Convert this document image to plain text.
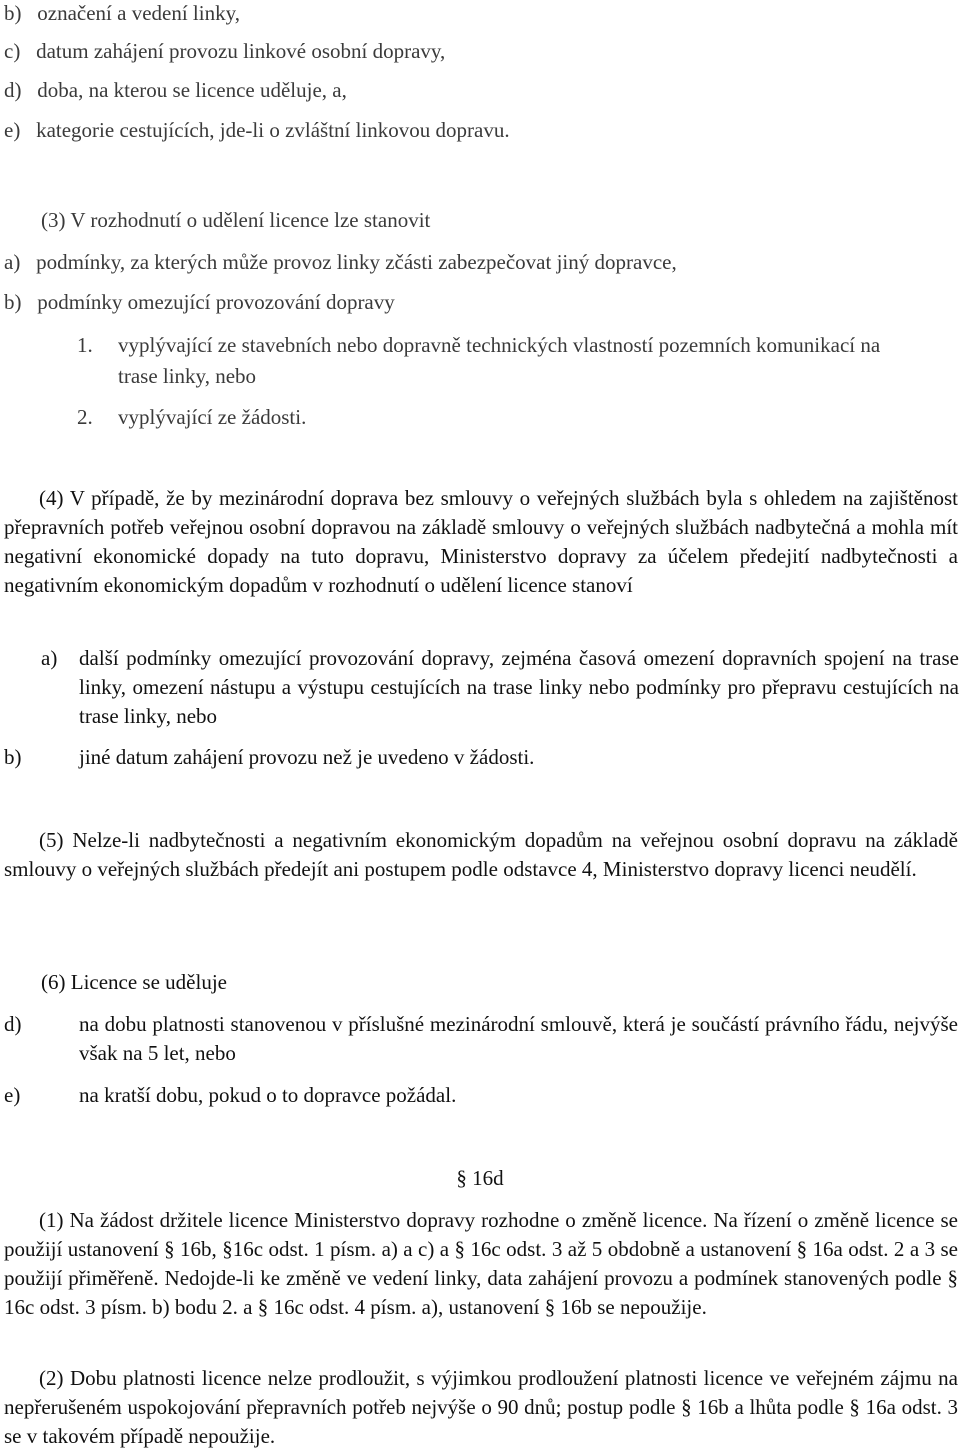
b) označení a vedení linky,

c) datum zahájení provozu linkové osobní dopravy,

d) doba, na kterou se licence uděluje, a,

e) kategorie cestujících, jde-li o zvláštní linkovou dopravu.

(3) V rozhodnutí o udělení licence lze stanovit

a) podmínky, za kterých může provoz linky zčásti zabezpečovat jiný dopravce,

b) podmínky omezující provozování dopravy

1. vyplývající ze stavebních nebo dopravně technických vlastností pozemních komunikací na trase linky, nebo
2. vyplývající ze žádosti.

(4) V případě, že by mezinárodní doprava bez smlouvy o veřejných službách byla s ohledem na zajištěnost přepravních potřeb veřejnou osobní dopravou na základě smlouvy o veřejných službách nadbytečná a mohla mít negativní ekonomické dopady na tuto dopravu, Ministerstvo dopravy za účelem předejití nadbytečnosti a negativním ekonomickým dopadům v rozhodnutí o udělení licence stanoví

a) další podmínky omezující provozování dopravy, zejména časová omezení dopravních spojení na trase linky, omezení nástupu a výstupu cestujících na trase linky nebo podmínky pro přepravu cestujících na trase linky, nebo
b)	jiné datum zahájení provozu než je uvedeno v žádosti.

(5) Nelze-li nadbytečnosti a negativním ekonomickým dopadům na veřejnou osobní dopravu na základě smlouvy o veřejných službách předejít ani postupem podle odstavce 4, Ministerstvo dopravy licenci neudělí.

(6) Licence se uděluje

d)	na dobu platnosti stanovenou v příslušné mezinárodní smlouvě, která je součástí právního řádu, nejvýše však na 5 let, nebo
e)	na kratší dobu, pokud o to dopravce požádal.

§ 16d

(1) Na žádost držitele licence Ministerstvo dopravy rozhodne o změně licence. Na řízení o změně licence se použijí ustanovení § 16b, §16c odst. 1 písm. a) a c) a § 16c odst. 3 až 5 obdobně a ustanovení § 16a odst. 2 a 3 se použijí přiměřeně. Nedojde-li ke změně ve vedení linky, data zahájení provozu a podmínek stanovených podle § 16c odst. 3 písm. b) bodu 2. a § 16c odst. 4 písm. a), ustanovení § 16b se nepoužije.

(2) Dobu platnosti licence nelze prodloužit, s výjimkou prodloužení platnosti licence ve veřejném zájmu na nepřerušeném uspokojování přepravních potřeb nejvýše o 90 dnů; postup podle § 16b a lhůta podle § 16a odst. 3 se v takovém případě nepoužije.
